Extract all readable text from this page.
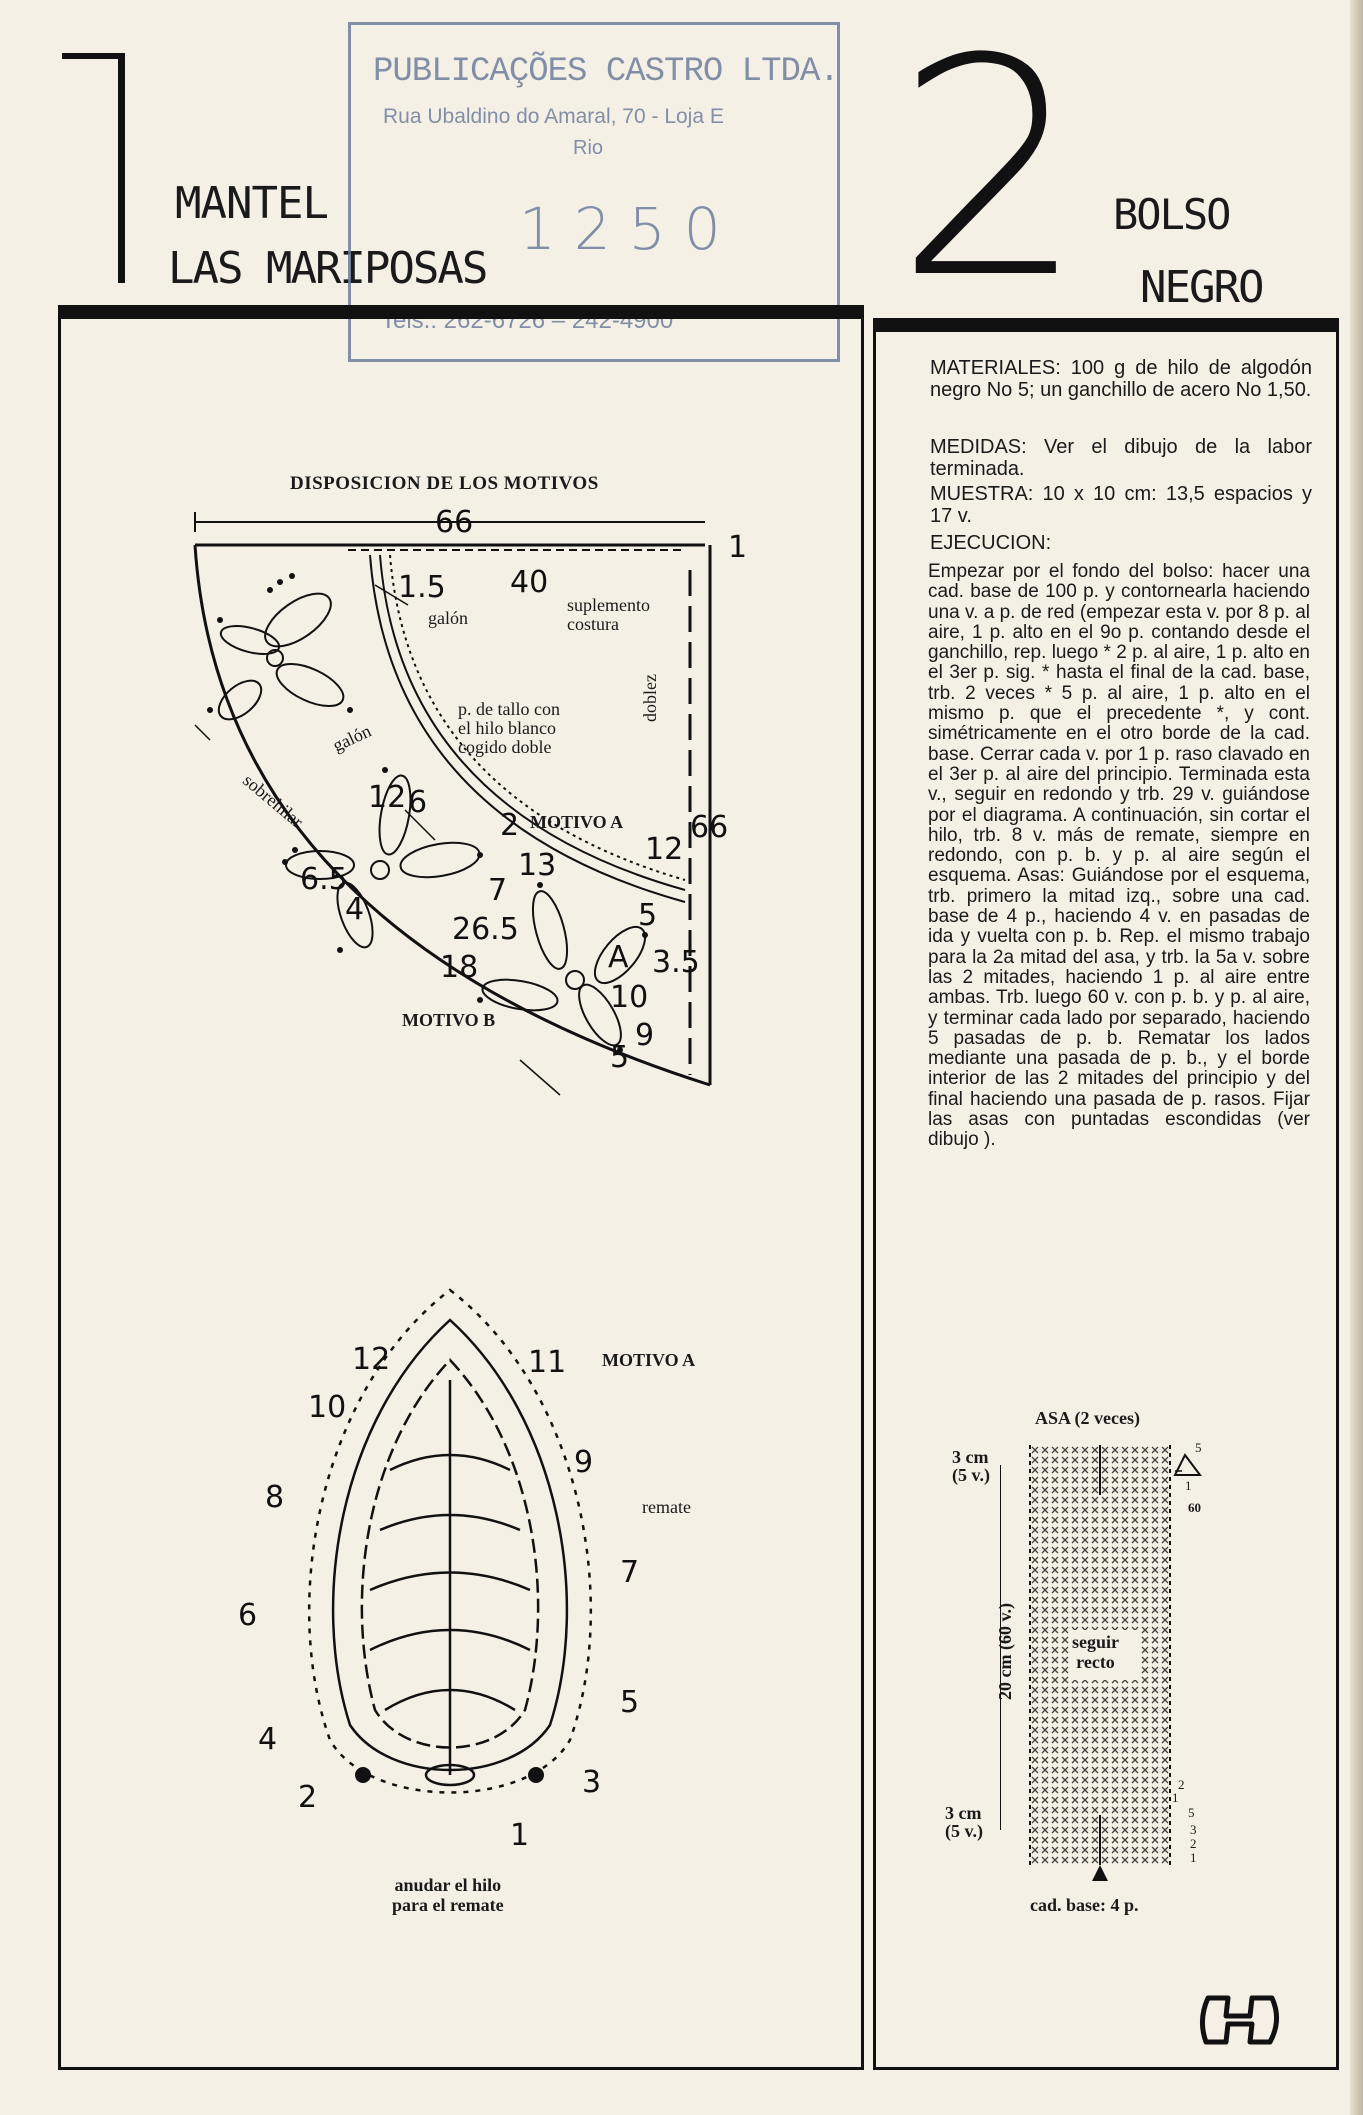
MANTEL
LAS MARIPOSAS
PUBLICAÇÕES CASTRO LTDA.
Rua Ubaldino do Amaral, 70 - Loja E
Rio
1250
Tels.: 262-6726 – 242-4900 2 BOLSO
NEGRO
DISPOSICION DE LOS MOTIVOS
66
1
1.5 40
66
12
6
2
6.5
4
7
26.5
13
5
3.5
18
10
9
5
12
galón
galón
suplemento
costura
p. de tallo con
el hilo blanco
cogido doble
doblez
sobrehilar	MOTIVO A
MOTIVO B
A
MOTIVO A
remate
1
2	3
4
5
6
7
8
9
10
11
12
anudar el hilo
para el remate
MATERIALES: 100 g de hilo de algodón negro No 5; un ganchillo de acero No 1,50.
MEDIDAS: Ver el dibujo de la labor terminada.
MUESTRA: 10 x 10 cm: 13,5 espacios y 17 v.
EJECUCION:
Empezar por el fondo del bolso: hacer una cad. base de 100 p. y contornearla haciendo una v. a p. de red (empezar esta v. por 8 p. al aire, 1 p. alto en el 9o p. contando desde el ganchillo, rep. luego * 2 p. al aire, 1 p. alto en el 3er p. sig. * hasta el final de la cad. base, trb. 2 veces * 5 p. al aire, 1 p. alto en el mismo p. que el precedente *, y cont. simétricamente en el otro borde de la cad. base. Cerrar cada v. por 1 p. raso clavado en el 3er p. al aire del principio. Terminada esta v., seguir en redondo y trb. 29 v. guiándose por el diagrama. A continuación, sin cortar el hilo, trb. 8 v. más de remate, siempre en redondo, con p. b. y p. al aire según el esquema. Asas: Guiándose por el esquema, trb. primero la mitad izq., sobre una cad. base de 4 p., haciendo 4 v. en pasadas de ida y vuelta con p. b. Rep. el mismo trabajo para la 2a mitad del asa, y trb. la 5a v. sobre las 2 mitades, haciendo 1 p. al aire entre ambas. Trb. luego 60 v. con p. b. y p. al aire, y terminar cada lado por separado, haciendo 5 pasadas de p. b. Rematar los lados mediante una pasada de p. b., y el borde interior de las 2 mitades del principio y del final haciendo una pasada de p. rasos. Fijar las asas con puntadas escondidas (ver dibujo ).
ASA (2 veces)
3 cm
(5 v.)
20 cm (60 v.)
3 cm
(5 v.)
seguir
recto
5
1
60
2
1
5
3
2
1
cad. base: 4 p.
